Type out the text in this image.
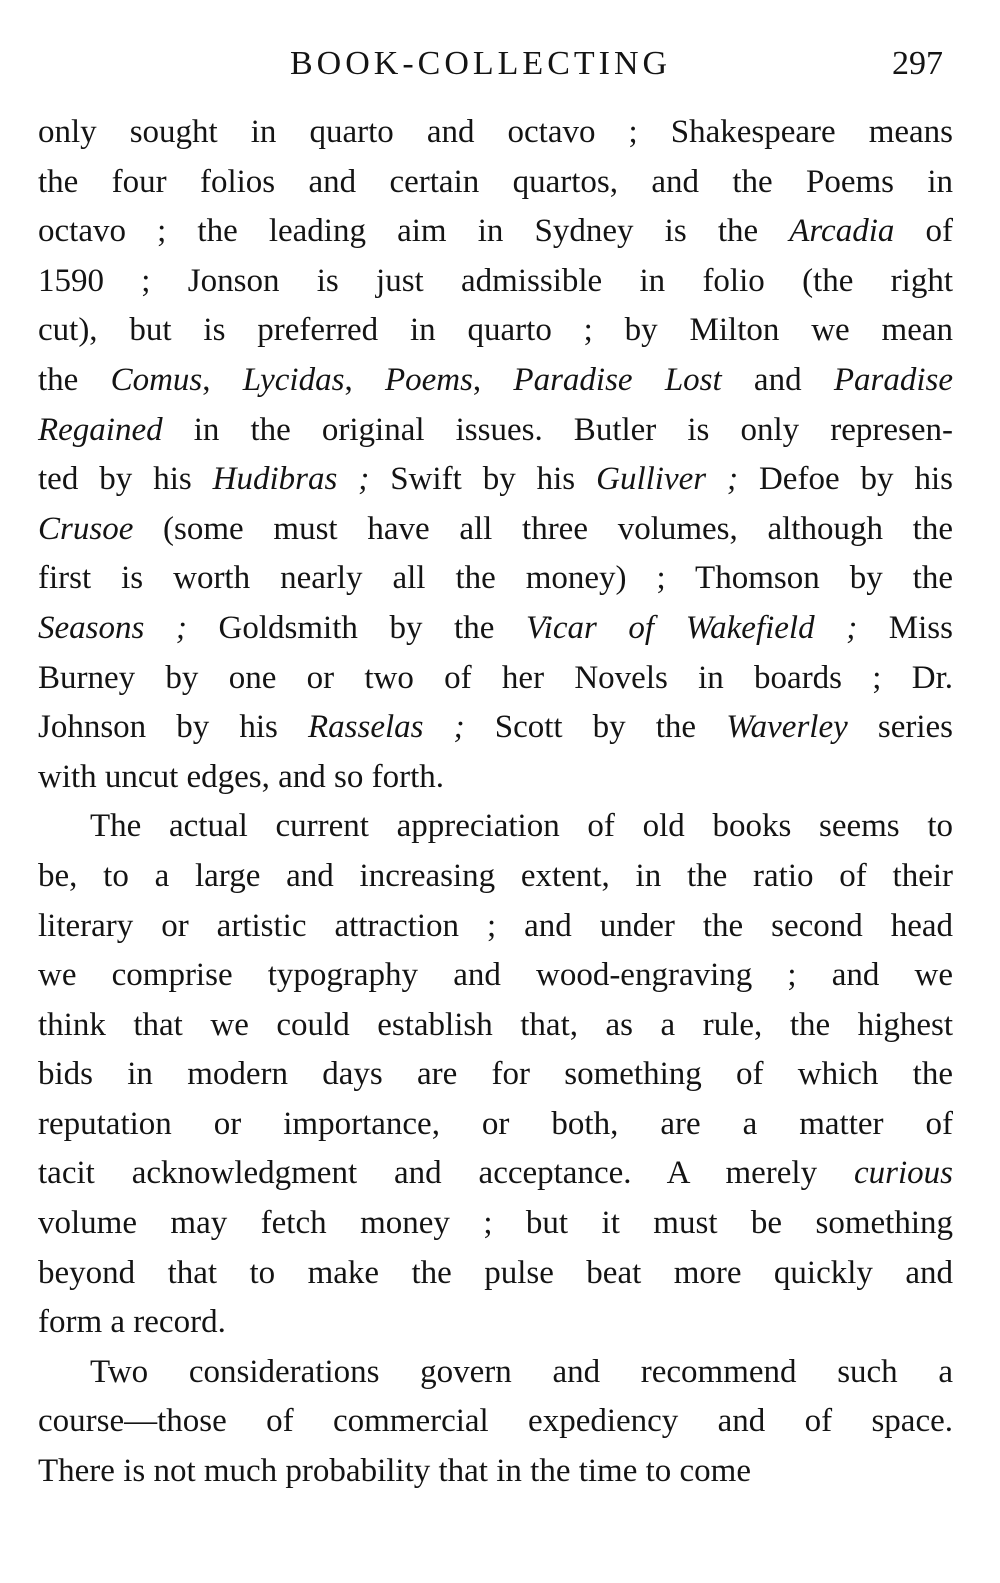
BOOK-COLLECTING	297
only sought in quarto and octavo ; Shakespeare means
the four folios and certain quartos, and the Poems in
octavo ; the leading aim in Sydney is the Arcadia of
1590 ; Jonson is just admissible in folio (the right
cut), but is preferred in quarto ; by Milton we mean
the Comus, Lycidas, Poems, Paradise Lost and Paradise
Regained in the original issues. Butler is only represen-
ted by his Hudibras ; Swift by his Gulliver ; Defoe by his
Crusoe (some must have all three volumes, although the
first is worth nearly all the money) ; Thomson by the
Seasons ; Goldsmith by the Vicar of Wakefield ; Miss
Burney by one or two of her Novels in boards ; Dr.
Johnson by his Rasselas ; Scott by the Waverley series
with uncut edges, and so forth.
The actual current appreciation of old books seems to
be, to a large and increasing extent, in the ratio of their
literary or artistic attraction ; and under the second head
we comprise typography and wood-engraving ; and we
think that we could establish that, as a rule, the highest
bids in modern days are for something of which the
reputation or importance, or both, are a matter of
tacit acknowledgment and acceptance. A merely curious
volume may fetch money ; but it must be something
beyond that to make the pulse beat more quickly and
form a record.
Two considerations govern and recommend such a
course—those of commercial expediency and of space.
There is not much probability that in the time to come
